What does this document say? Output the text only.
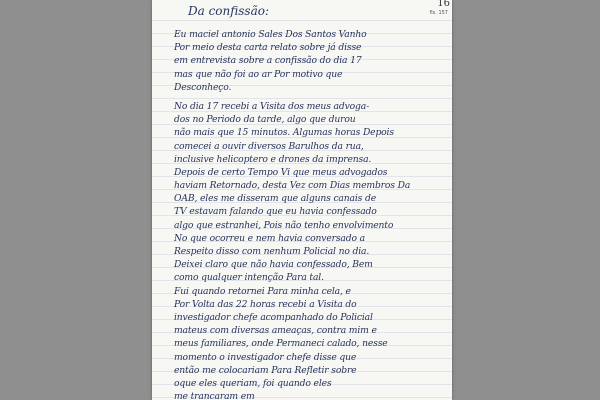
16
fls. 157
Da confissão:
Eu maciel antonio Sales Dos Santos Vanho
Por meio desta carta relato sobre já disse
em entrevista sobre a confissão do dia 17
mas que não foi ao ar Por motivo que
Desconheço.
No dia 17 recebi a Visita dos meus advoga-
dos no Periodo da tarde, algo que durou
não mais que 15 minutos. Algumas horas Depois
comecei a ouvir diversos Barulhos da rua,
inclusive helicoptero e drones da imprensa.
Depois de certo Tempo Vi que meus advogados
haviam Retornado, desta Vez com Dias membros Da
OAB, eles me disseram que alguns canais de
TV estavam falando que eu havia confessado
algo que estranhei, Pois não tenho envolvimento
No que ocorreu e nem havia conversado a
Respeito disso com nenhum Policial no dia.
Deixei claro que não havia confessado, Bem
como qualquer intenção Para tal.
Fui quando retornei Para minha cela, e
Por Volta das 22 horas recebi a Visita do
investigador chefe acompanhado do Policial
mateus com diversas ameaças, contra mim e
meus familiares, onde Permaneci calado, nesse
momento o investigador chefe disse que
então me colocariam Para Refletir sobre
oque eles queriam, foi quando eles
me trancaram em
